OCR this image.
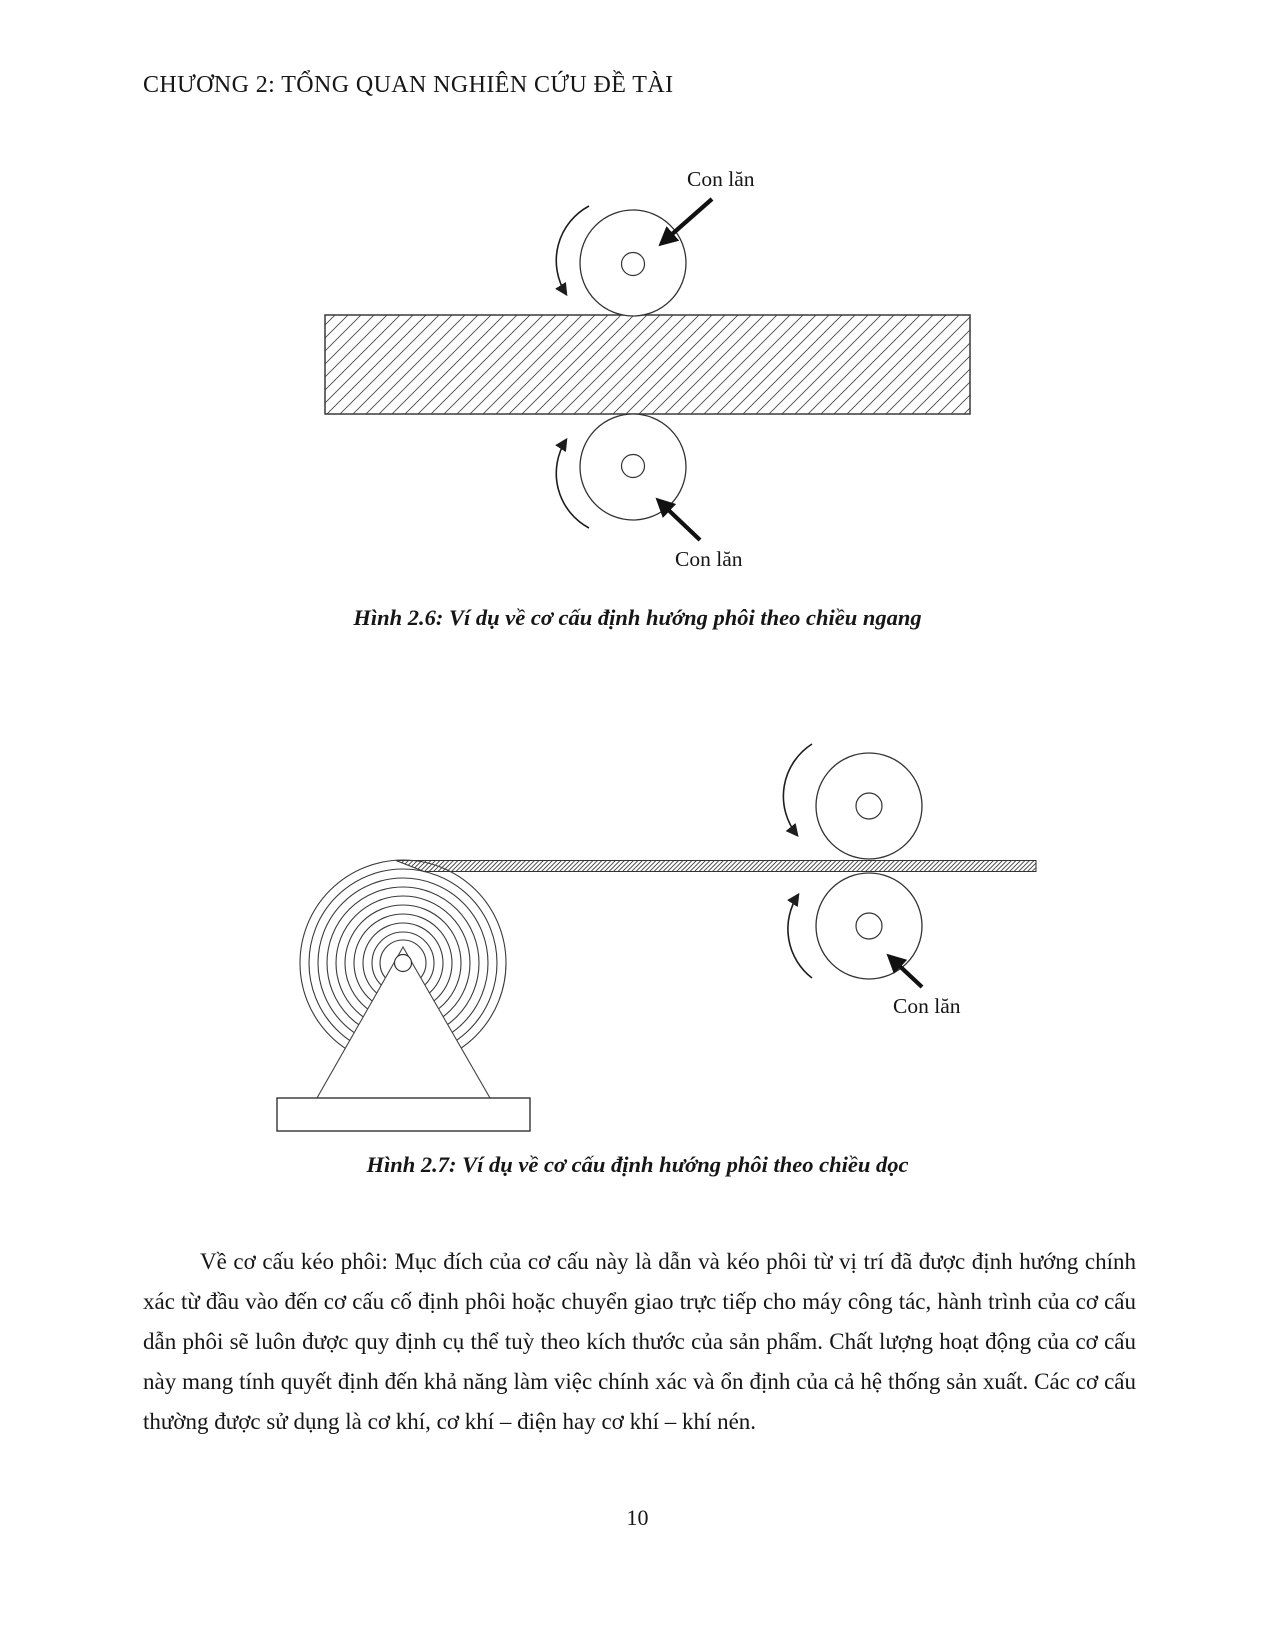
CHƯƠNG 2: TỔNG QUAN NGHIÊN CỨU ĐỀ TÀI
Con lăn
Con lăn
Hình 2.6: Ví dụ về cơ cấu định hướng phôi theo chiều ngang
Con lăn
Hình 2.7: Ví dụ về cơ cấu định hướng phôi theo chiều dọc

Về cơ cấu kéo phôi: Mục đích của cơ cấu này là dẫn và kéo phôi từ vị trí đã được định hướng chính xác từ đầu vào đến cơ cấu cố định phôi hoặc chuyển giao trực tiếp cho máy công tác, hành trình của cơ cấu dẫn phôi sẽ luôn được quy định cụ thể tuỳ theo kích thước của sản phẩm. Chất lượng hoạt động của cơ cấu này mang tính quyết định đến khả năng làm việc chính xác và ổn định của cả hệ thống sản xuất. Các cơ cấu thường được sử dụng là cơ khí, cơ khí – điện hay cơ khí – khí nén.

10
